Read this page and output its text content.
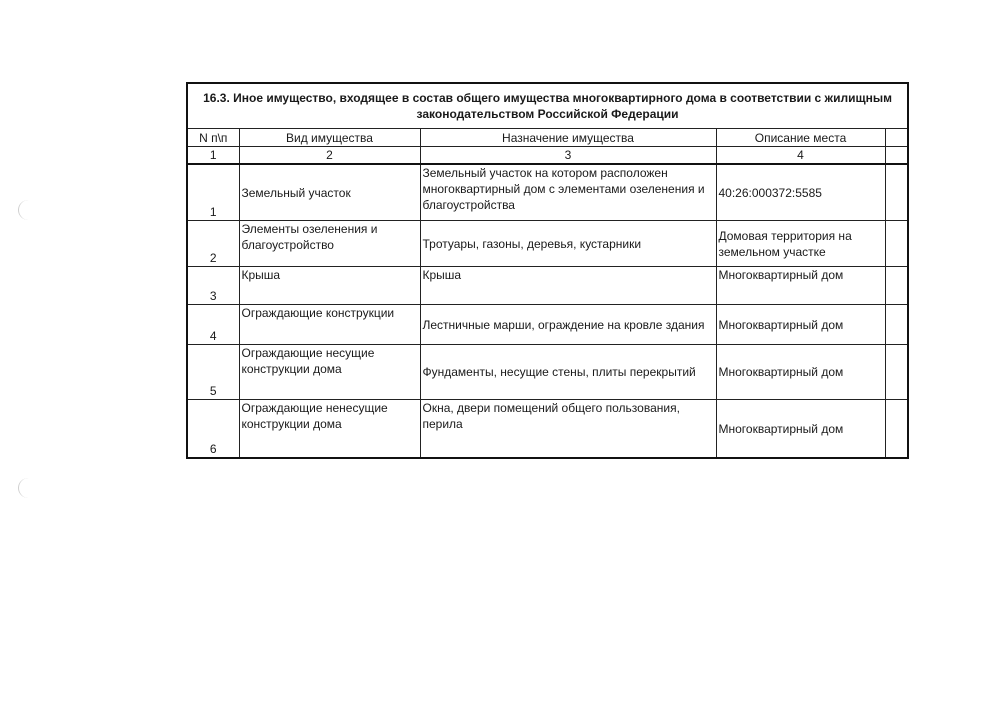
16.3. Иное имущество, входящее в состав общего имущества многоквартирного дома в соответствии с жилищным законодательством Российской Федерации				
N п\п	Вид имущества	Назначение имущества	Описание места	
1	2	3	4	
1	Земельный участок	Земельный участок на котором расположен многоквартирный дом с элементами озеленения и благоустройства	40:26:000372:5585	
2	Элементы озеленения и благоустройство	Тротуары, газоны, деревья, кустарники	Домовая территория на земельном участке	
3	Крыша	Крыша	Многоквартирный дом	
4	Ограждающие конструкции	Лестничные марши, ограждение на кровле здания	Многоквартирный дом	
5	Ограждающие несущие конструкции дома	Фундаменты, несущие стены, плиты перекрытий	Многоквартирный дом	
6	Ограждающие ненесущие конструкции дома	Окна, двери помещений общего пользования, перила	Многоквартирный дом	
